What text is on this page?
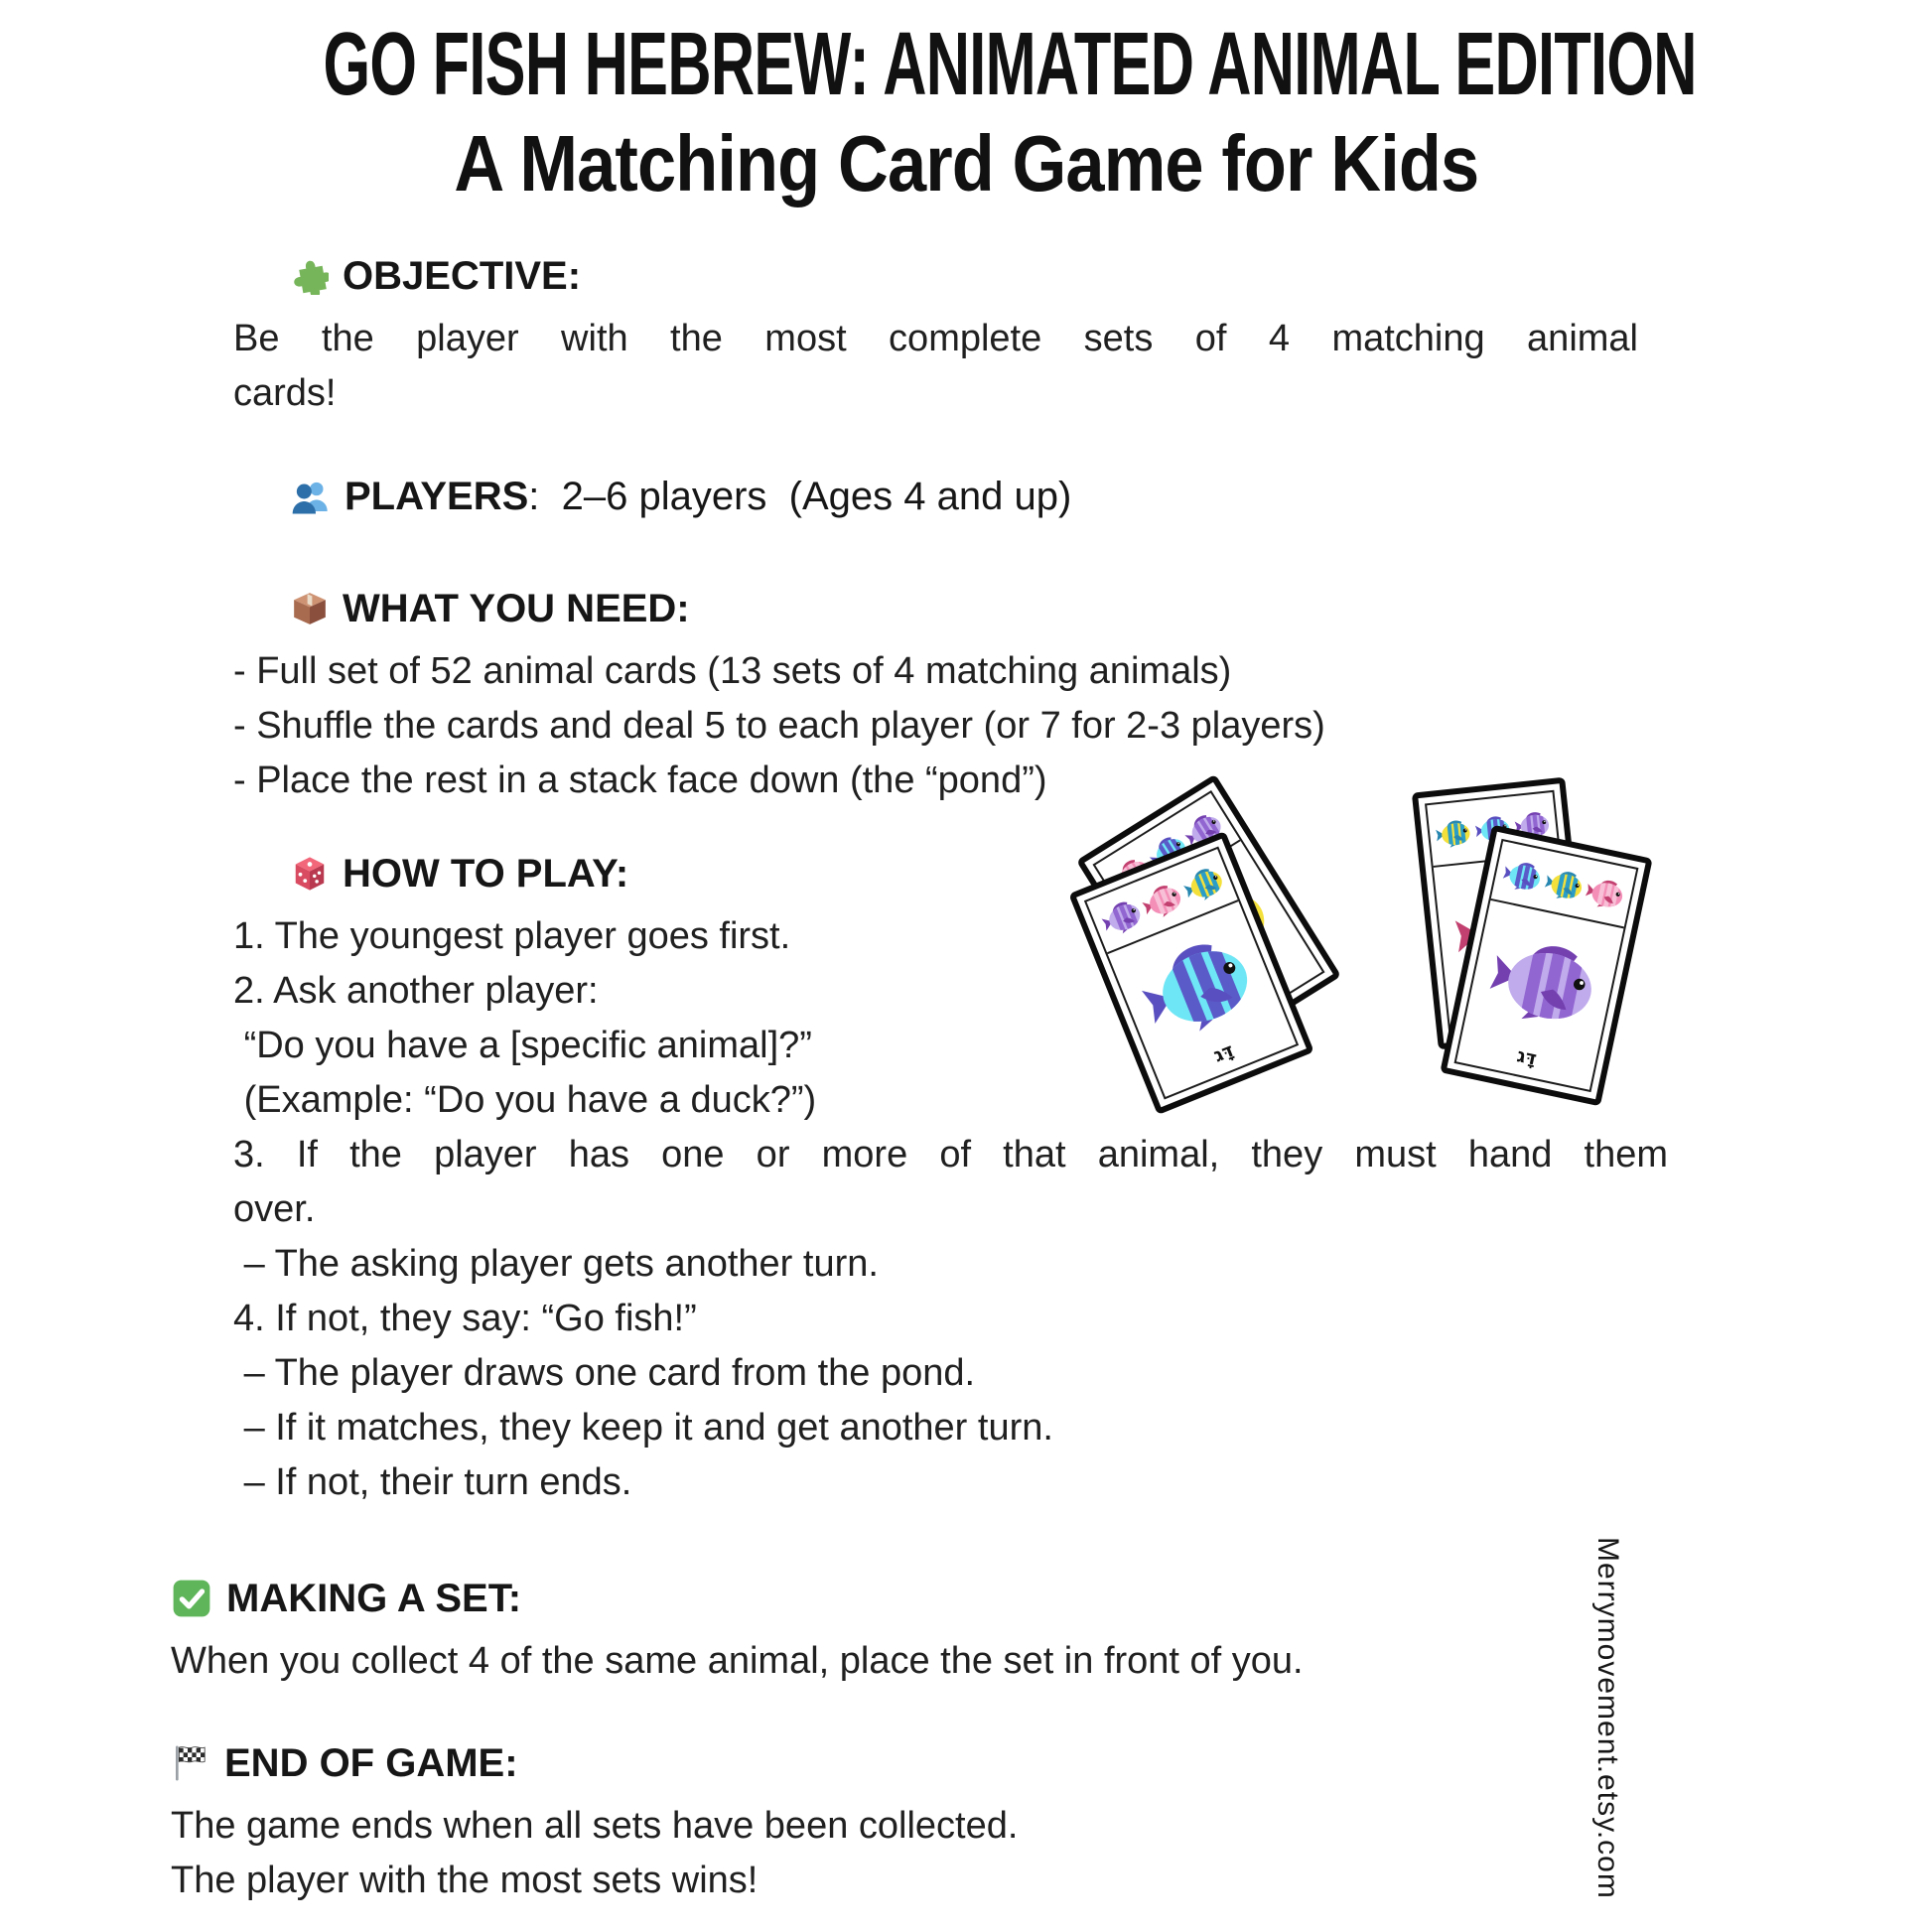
GO FISH HEBREW: ANIMATED ANIMAL EDITION
A Matching Card Game for Kids
OBJECTIVE:
Be the player with the most complete sets of 4 matching animal
cards!
PLAYERS:  2–6 players  (Ages 4 and up)
WHAT YOU NEED:
- Full set of 52 animal cards (13 sets of 4 matching animals)
- Shuffle the cards and deal 5 to each player (or 7 for 2-3 players)
- Place the rest in a stack face down (the “pond”)
HOW TO PLAY:
1. The youngest player goes first.
2. Ask another player:
“Do you have a [specific animal]?”
(Example: “Do you have a duck?”)
3. If the player has one or more of that animal, they must hand them
over.
– The asking player gets another turn.
4. If not, they say: “Go fish!”
– The player draws one card from the pond.
– If it matches, they keep it and get another turn.
– If not, their turn ends.
MAKING A SET:
When you collect 4 of the same animal, place the set in front of you.
END OF GAME:
The game ends when all sets have been collected.
The player with the most sets wins!
דָּג	דָּג
Merrymovement.etsy.com
